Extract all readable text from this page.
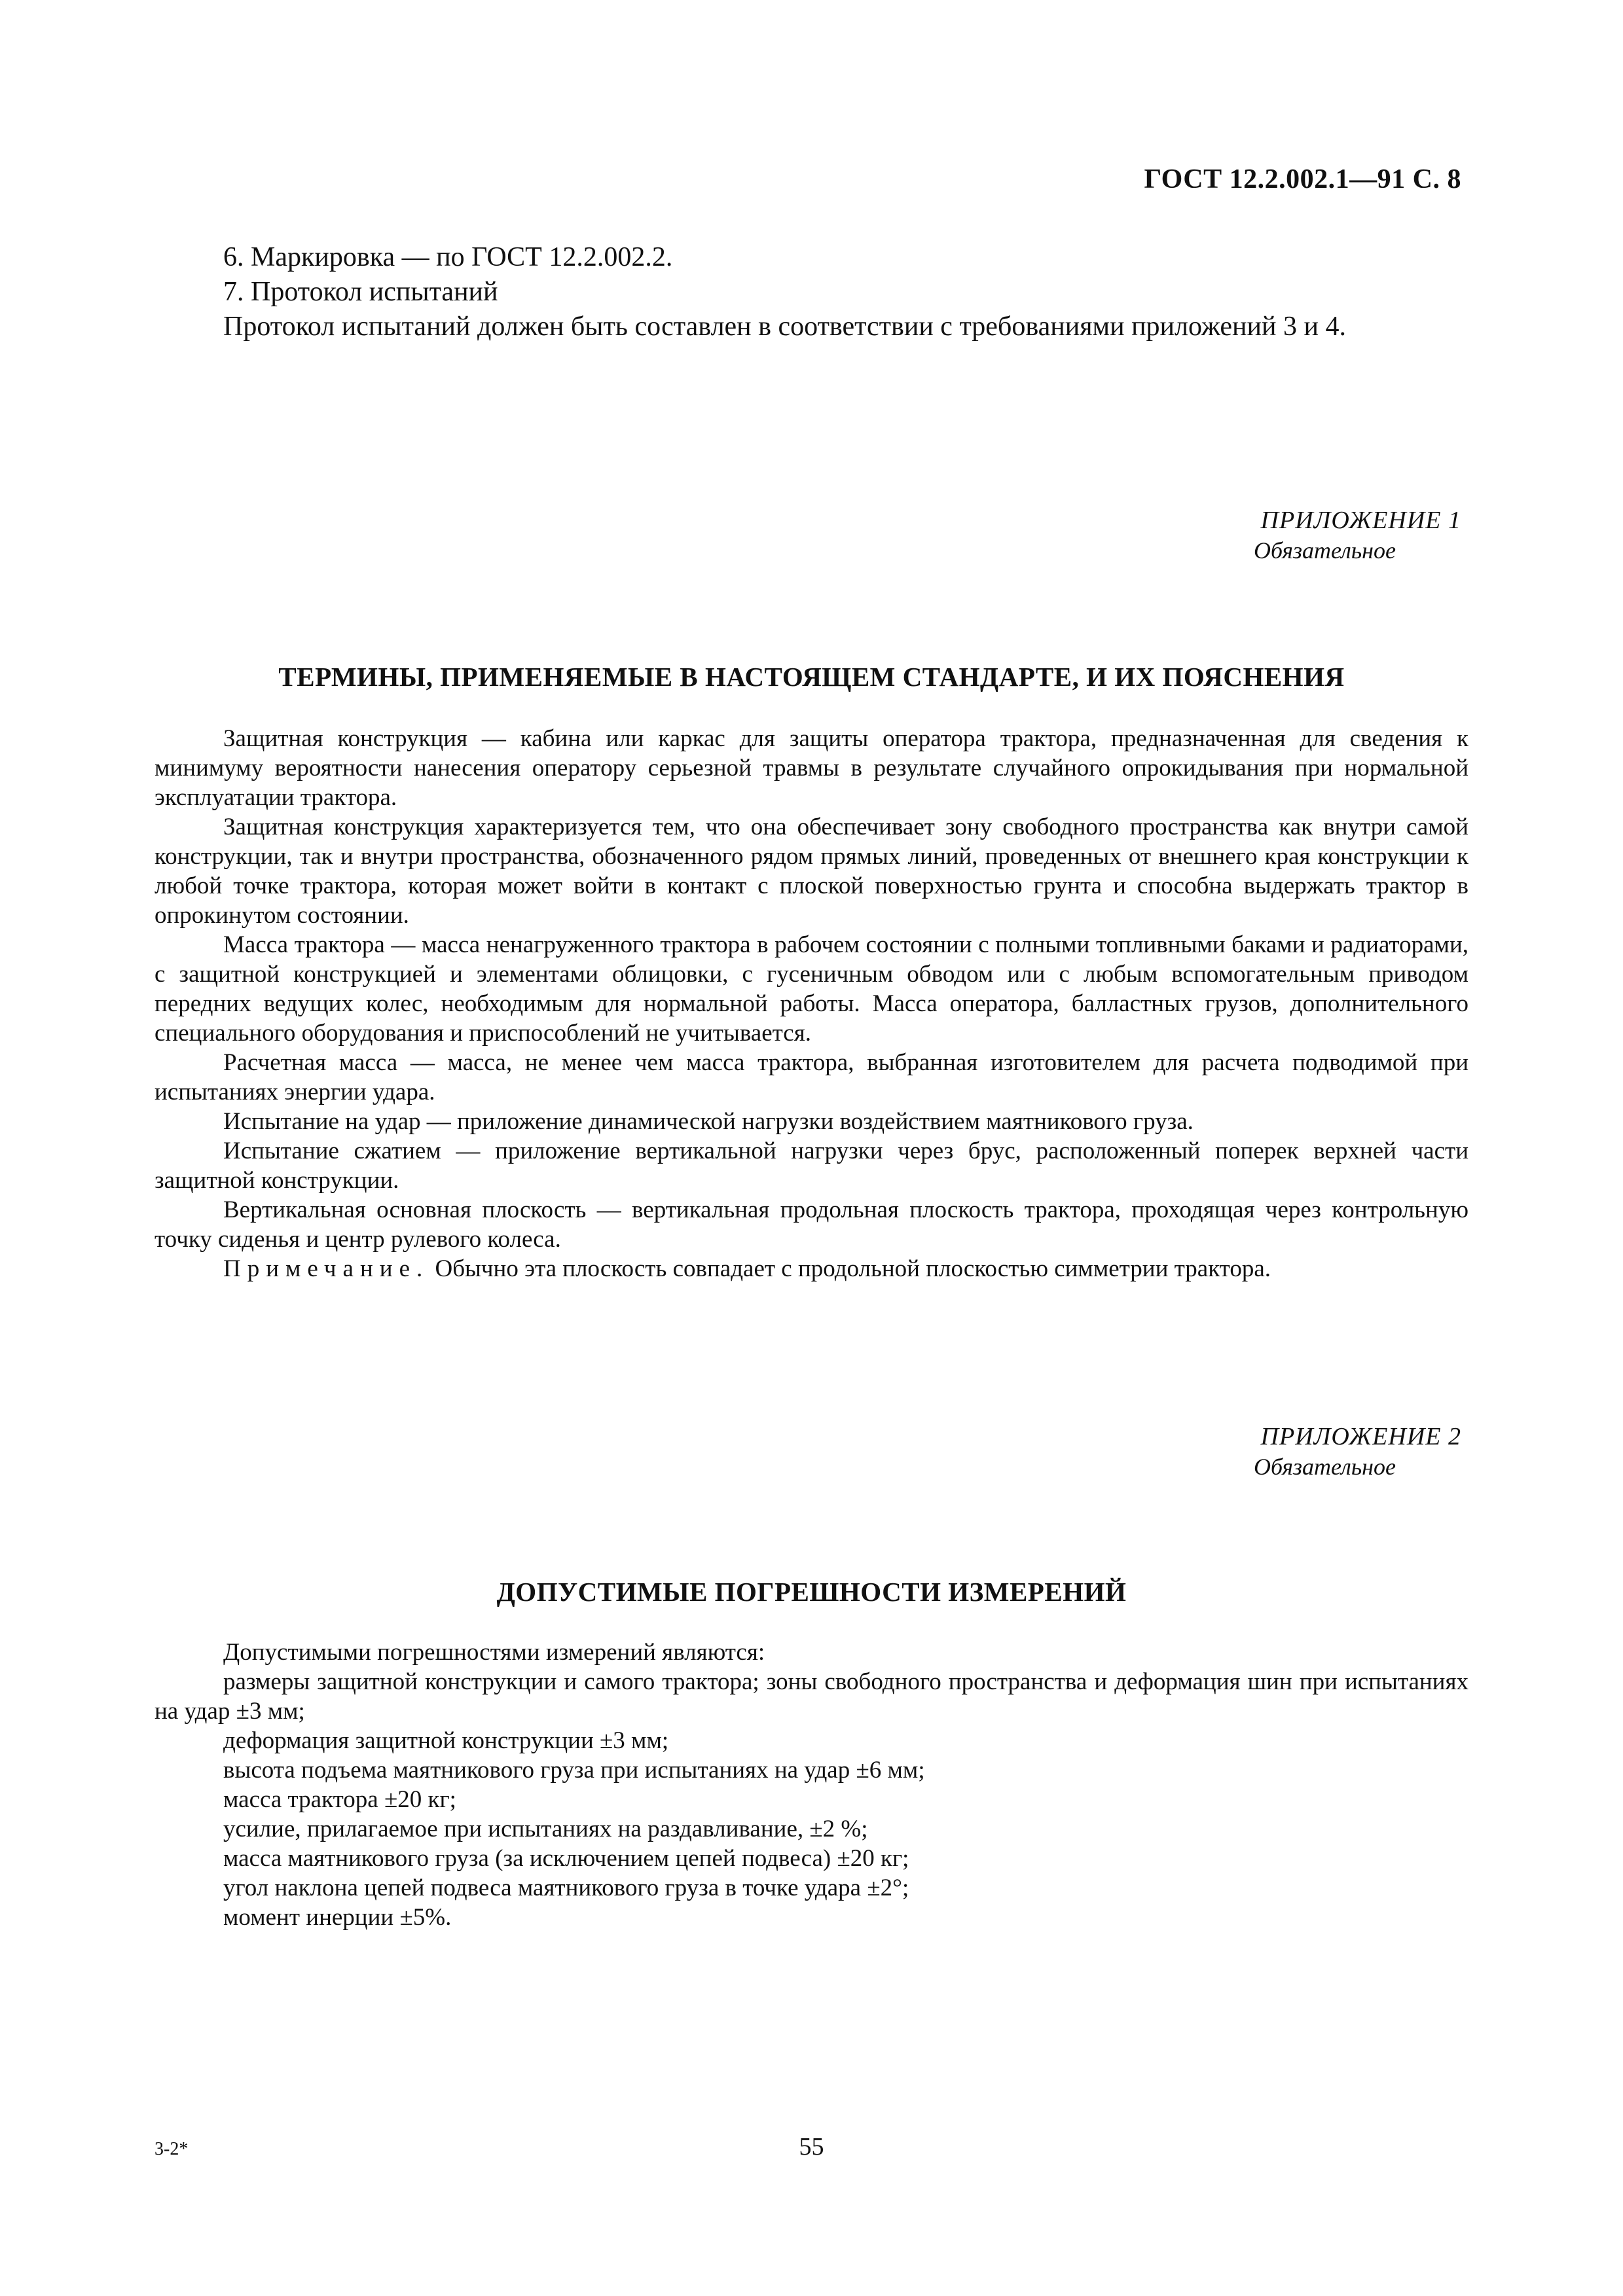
ГОСТ 12.2.002.1—91 С. 8
6. Маркировка — по ГОСТ 12.2.002.2.
7. Протокол испытаний
Протокол испытаний должен быть составлен в соответствии с требованиями приложений 3 и 4.
ПРИЛОЖЕНИЕ 1
Обязательное
ТЕРМИНЫ, ПРИМЕНЯЕМЫЕ В НАСТОЯЩЕМ СТАНДАРТЕ, И ИХ ПОЯСНЕНИЯ

Защитная конструкция — кабина или каркас для защиты оператора трактора, предназначенная для сведения к минимуму вероятности нанесения оператору серьезной травмы в результате случайного опрокидывания при нормальной эксплуатации трактора.

Защитная конструкция характеризуется тем, что она обеспечивает зону свободного пространства как внутри самой конструкции, так и внутри пространства, обозначенного рядом прямых линий, проведенных от внешнего края конструкции к любой точке трактора, которая может войти в контакт с плоской поверхностью грунта и способна выдержать трактор в опрокинутом состоянии.

Масса трактора — масса ненагруженного трактора в рабочем состоянии с полными топливными баками и радиаторами, с защитной конструкцией и элементами облицовки, с гусеничным обводом или с любым вспомогательным приводом передних ведущих колес, необходимым для нормальной работы. Масса оператора, балластных грузов, дополнительного специального оборудования и приспособлений не учитывается.

Расчетная масса — масса, не менее чем масса трактора, выбранная изготовителем для расчета подводимой при испытаниях энергии удара.

Испытание на удар — приложение динамической нагрузки воздействием маятникового груза.

Испытание сжатием — приложение вертикальной нагрузки через брус, расположенный поперек верхней части защитной конструкции.

Вертикальная основная плоскость — вертикальная продольная плоскость трактора, проходящая через контрольную точку сиденья и центр рулевого колеса.

Примечание. Обычно эта плоскость совпадает с продольной плоскостью симметрии трактора.

ПРИЛОЖЕНИЕ 2
Обязательное
ДОПУСТИМЫЕ ПОГРЕШНОСТИ ИЗМЕРЕНИЙ

Допустимыми погрешностями измерений являются:

размеры защитной конструкции и самого трактора; зоны свободного пространства и деформация шин при испытаниях на удар ±3 мм;

деформация защитной конструкции ±3 мм;

высота подъема маятникового груза при испытаниях на удар ±6 мм;

масса трактора ±20 кг;

усилие, прилагаемое при испытаниях на раздавливание, ±2 %;

масса маятникового груза (за исключением цепей подвеса) ±20 кг;

угол наклона цепей подвеса маятникового груза в точке удара ±2°;

момент инерции ±5%.

3-2*	55
